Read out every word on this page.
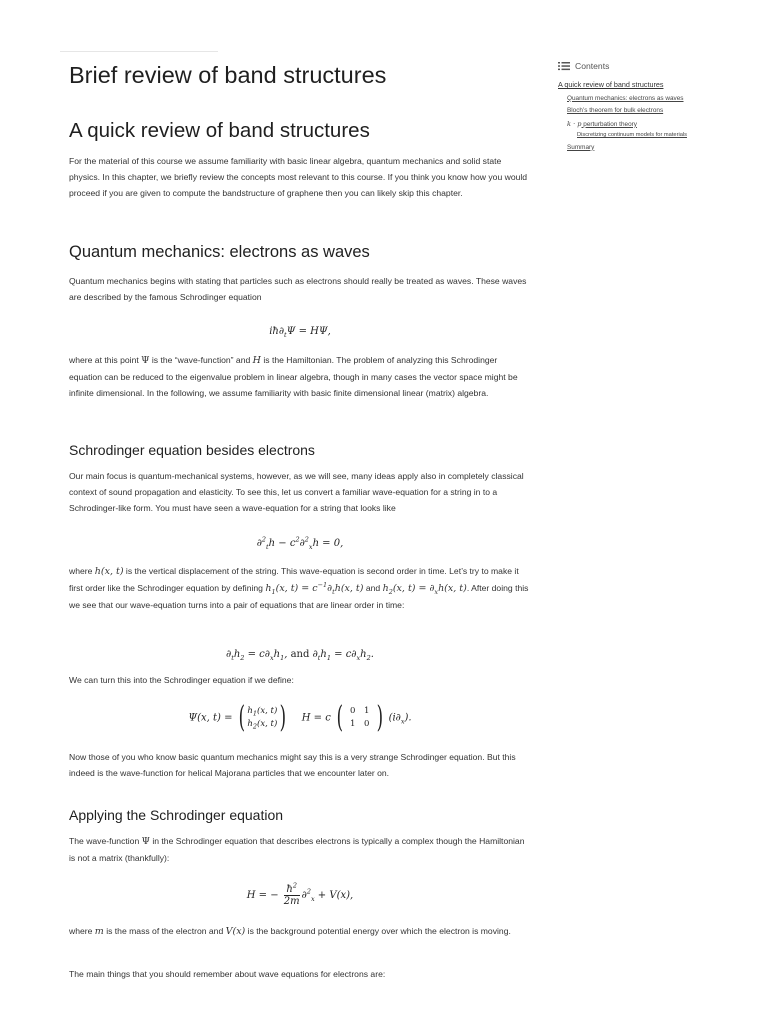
Brief review of band structures
A quick review of band structures

For the material of this course we assume familiarity with basic linear algebra, quantum mechanics and solid state physics. In this chapter, we briefly review the concepts most relevant to this course. If you think you know how you would proceed if you are given to compute the bandstructure of graphene then you can likely skip this chapter.

Quantum mechanics: electrons as waves

Quantum mechanics begins with stating that particles such as electrons should really be treated as waves. These waves are described by the famous Schrodinger equation

$iħ\partial_t\Psi = H\Psi$,

where at this point Ψ is the “wave-function” and H is the Hamiltonian. The problem of analyzing this Schrodinger equation can be reduced to the eigenvalue problem in linear algebra, though in many cases the vector space might be infinite dimensional. In the following, we assume familiarity with basic finite dimensional linear (matrix) algebra.

Schrodinger equation besides electrons

Our main focus is quantum-mechanical systems, however, as we will see, many ideas apply also in completely classical context of sound propagation and elasticity. To see this, let us convert a familiar wave-equation for a string in to a Schrodinger-like form. You must have seen a wave-equation for a string that looks like

$\partial^2_th - c^2\partial^2_xh = 0$,

where h(x, t) is the vertical displacement of the string. This wave-equation is second order in time. Let’s try to make it first order like the Schrodinger equation by defining $h_1(x$, $t) = c^{-1}\partial_th(x$, t) and $h_2(x$, $t) = \partial_xh(x$, t). After doing this we see that our wave-equation turns into a pair of equations that are linear order in time:

$\partial_th_2 = c\partial_xh_1$, and $\partial_th_1 = c\partial_xh_2$.

We can turn this into the Schrodinger equation if we define:

Ψ(x, t) = ( $h_1(x$, t)
$h_2(x$, t))    H = c ( 0	1
1	0 ) $(i\partial_x)$.

Now those of you who know basic quantum mechanics might say this is a very strange Schrodinger equation. But this indeed is the wave-function for helical Majorana particles that we encounter later on.

Applying the Schrodinger equation

The wave-function Ψ in the Schrodinger equation that describes electrons is typically a complex though the Hamiltonian is not a matrix (thankfully):

H = − $\frac{ħ^2}{2m} \partial^2_x + V(x)$,

where m is the mass of the electron and V(x) is the background potential energy over which the electron is moving.

The main things that you should remember about wave equations for electrons are:

Contents
A quick review of band structures
Quantum mechanics: electrons as waves
Bloch’s theorem for bulk electrons
k · p perturbation theory
Discretizing continuum models for materials
Summary
